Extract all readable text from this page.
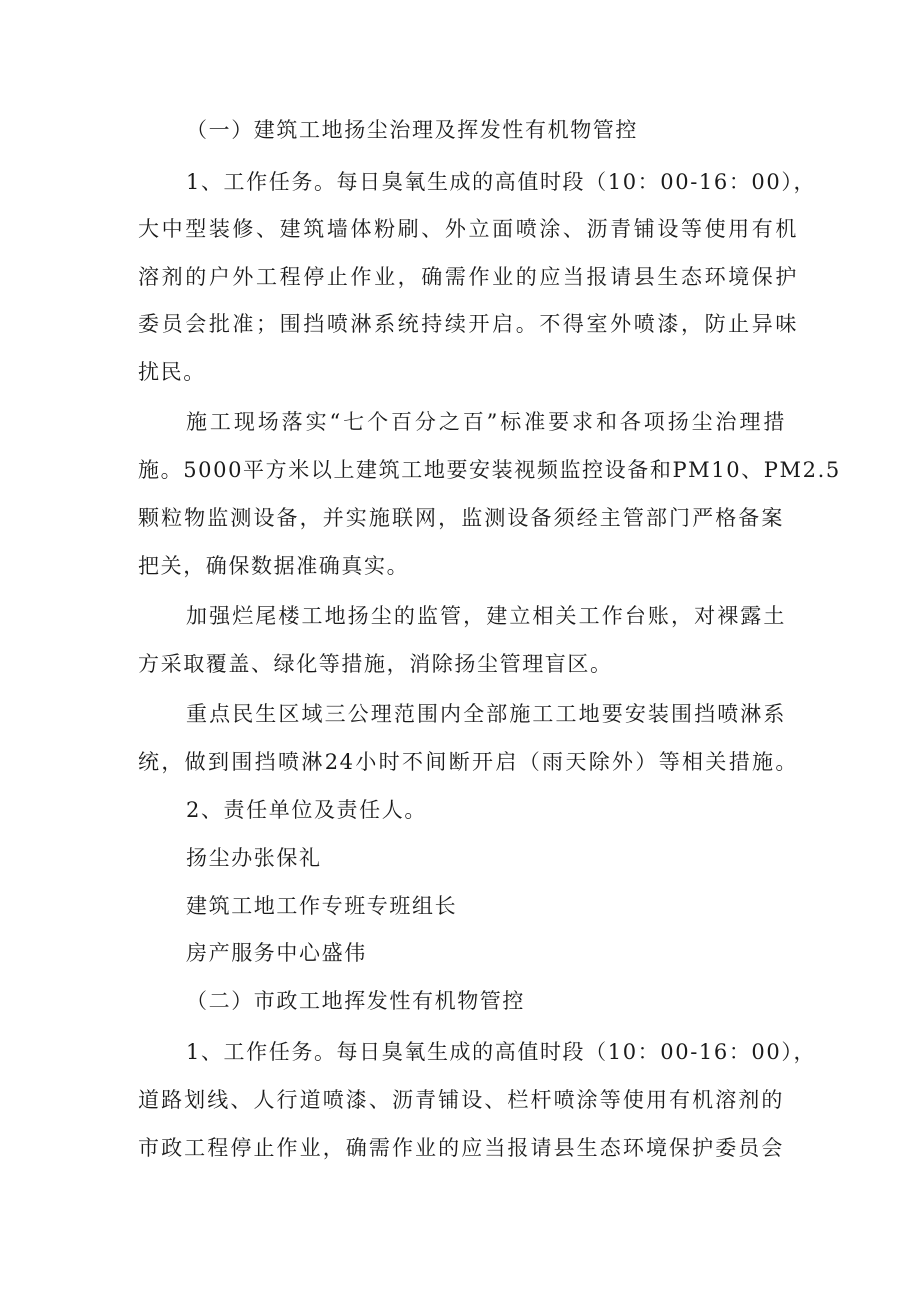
（一）建筑工地扬尘治理及挥发性有机物管控
1、工作任务。每日臭氧生成的高值时段（10：00-16：00），
大中型装修、建筑墙体粉刷、外立面喷涂、沥青铺设等使用有机
溶剂的户外工程停止作业，确需作业的应当报请县生态环境保护
委员会批准；围挡喷淋系统持续开启。不得室外喷漆，防止异味
扰民。
施工现场落实“七个百分之百”标准要求和各项扬尘治理措
施。5000平方米以上建筑工地要安装视频监控设备和PM10、PM2.5
颗粒物监测设备，并实施联网，监测设备须经主管部门严格备案
把关，确保数据准确真实。
加强烂尾楼工地扬尘的监管，建立相关工作台账，对裸露土
方采取覆盖、绿化等措施，消除扬尘管理盲区。
重点民生区域三公理范围内全部施工工地要安装围挡喷淋系
统，做到围挡喷淋24小时不间断开启（雨天除外）等相关措施。
2、责任单位及责任人。
扬尘办张保礼
建筑工地工作专班专班组长
房产服务中心盛伟
（二）市政工地挥发性有机物管控
1、工作任务。每日臭氧生成的高值时段（10：00-16：00），
道路划线、人行道喷漆、沥青铺设、栏杆喷涂等使用有机溶剂的
市政工程停止作业，确需作业的应当报请县生态环境保护委员会
